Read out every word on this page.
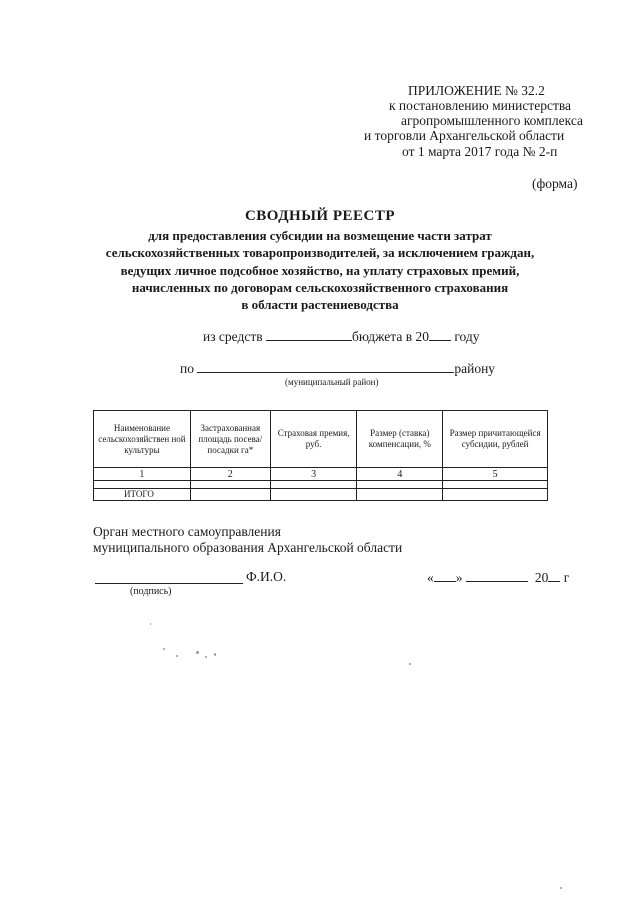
ПРИЛОЖЕНИЕ № 32.2
к постановлению министерства
агропромышленного комплекса
и торговли Архангельской области
от 1 марта 2017 года № 2-п
(форма)
СВОДНЫЙ РЕЕСТР
для предоставления субсидии на возмещение части затрат
сельскохозяйственных товаропроизводителей, за исключением граждан,
ведущих личное подсобное хозяйство, на уплату страховых премий,
начисленных по договорам сельскохозяйственного страхования
в области растениеводства
из средств	бюджета в 20 году
по	району
(муниципальный район)
Наименование сельскохозяйствен ной культуры	Застрахованная площадь посева/посадки га*	Страховая премия, руб.	Размер (ставка) компенсации, %	Размер причитающейся субсидии, рублей
1	2	3	4	5

ИТОГО				
Орган местного самоуправления
муниципального образования Архангельской области
Ф.И.О.
(подпись)
« »	20 г
